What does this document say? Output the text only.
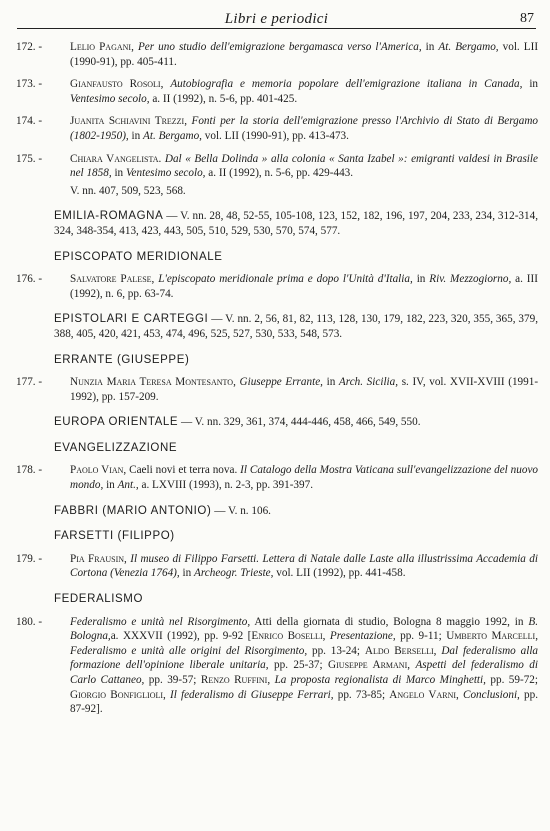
Libri e periodici	87
172. - Lelio Pagani, Per uno studio dell'emigrazione bergamasca verso l'America, in At. Bergamo, vol. LII (1990-91), pp. 405-411.
173. - Gianfausto Rosoli, Autobiografia e memoria popolare dell'emigrazione italiana in Canada, in Ventesimo secolo, a. II (1992), n. 5-6, pp. 401-425.
174. - Juanita Schiavini Trezzi, Fonti per la storia dell'emigrazione presso l'Archivio di Stato di Bergamo (1802-1950), in At. Bergamo, vol. LII (1990-91), pp. 413-473.
175. - Chiara Vangelista. Dal « Bella Dolinda » alla colonia « Santa Izabel »: emigranti valdesi in Brasile nel 1858, in Ventesimo secolo, a. II (1992), n. 5-6, pp. 429-443.
V. nn. 407, 509, 523, 568.
EMILIA-ROMAGNA — V. nn. 28, 48, 52-55, 105-108, 123, 152, 182, 196, 197, 204, 233, 234, 312-314, 324, 348-354, 413, 423, 443, 505, 510, 529, 530, 570, 574, 577.
EPISCOPATO MERIDIONALE
176. - Salvatore Palese, L'episcopato meridionale prima e dopo l'Unità d'Italia, in Riv. Mezzogiorno, a. III (1992), n. 6, pp. 63-74.
EPISTOLARI E CARTEGGI — V. nn. 2, 56, 81, 82, 113, 128, 130, 179, 182, 223, 320, 355, 365, 379, 388, 405, 420, 421, 453, 474, 496, 525, 527, 530, 533, 548, 573.
ERRANTE (GIUSEPPE)
177. - Nunzia Maria Teresa Montesanto, Giuseppe Errante, in Arch. Sicilia, s. IV, vol. XVII-XVIII (1991-1992), pp. 157-209.
EUROPA ORIENTALE — V. nn. 329, 361, 374, 444-446, 458, 466, 549, 550.
EVANGELIZZAZIONE
178. - Paolo Vian, Caeli novi et terra nova. Il Catalogo della Mostra Vaticana sull'evangelizzazione del nuovo mondo, in Ant., a. LXVIII (1993), n. 2-3, pp. 391-397.
FABBRI (MARIO ANTONIO) — V. n. 106.
FARSETTI (FILIPPO)
179. - Pia Frausin, Il museo di Filippo Farsetti. Lettera di Natale dalle Laste alla illustrissima Accademia di Cortona (Venezia 1764), in Archeogr. Trieste, vol. LII (1992), pp. 441-458.
FEDERALISMO
180. - Federalismo e unità nel Risorgimento, Atti della giornata di studio, Bologna 8 maggio 1992, in B. Bologna,a. XXXVII (1992), pp. 9-92 [Enrico Boselli, Presentazione, pp. 9-11; Umberto Marcelli, Federalismo e unità alle origini del Risorgimento, pp. 13-24; Aldo Berselli, Dal federalismo alla formazione dell'opinione liberale unitaria, pp. 25-37; Giuseppe Armani, Aspetti del federalismo di Carlo Cattaneo, pp. 39-57; Renzo Ruffini, La proposta regionalista di Marco Minghetti, pp. 59-72; Giorgio Bonfiglioli, Il federalismo di Giuseppe Ferrari, pp. 73-85; Angelo Varni, Conclusioni, pp. 87-92].
